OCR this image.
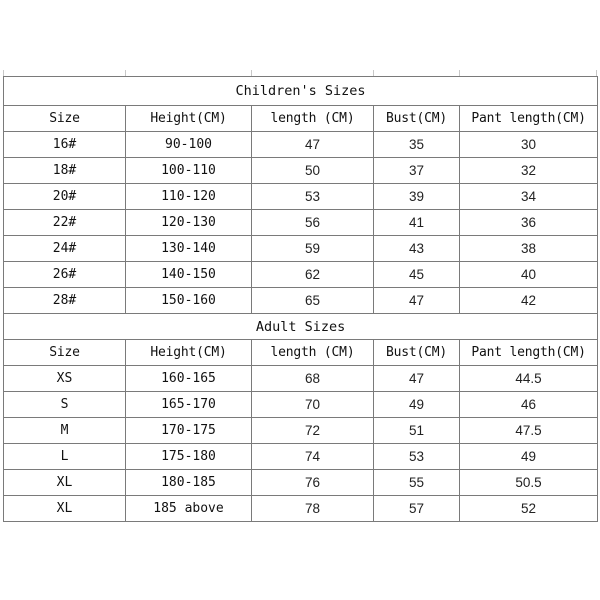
Children's Sizes				
Size	Height(CM)	length (CM)	Bust(CM)	Pant length(CM)
16#	90-100	47	35	30
18#	100-110	50	37	32
20#	110-120	53	39	34
22#	120-130	56	41	36
24#	130-140	59	43	38
26#	140-150	62	45	40
28#	150-160	65	47	42
Adult Sizes				
Size	Height(CM)	length (CM)	Bust(CM)	Pant length(CM)
XS	160-165	68	47	44.5
S	165-170	70	49	46
M	170-175	72	51	47.5
L	175-180	74	53	49
XL	180-185	76	55	50.5
XL	185 above	78	57	52
